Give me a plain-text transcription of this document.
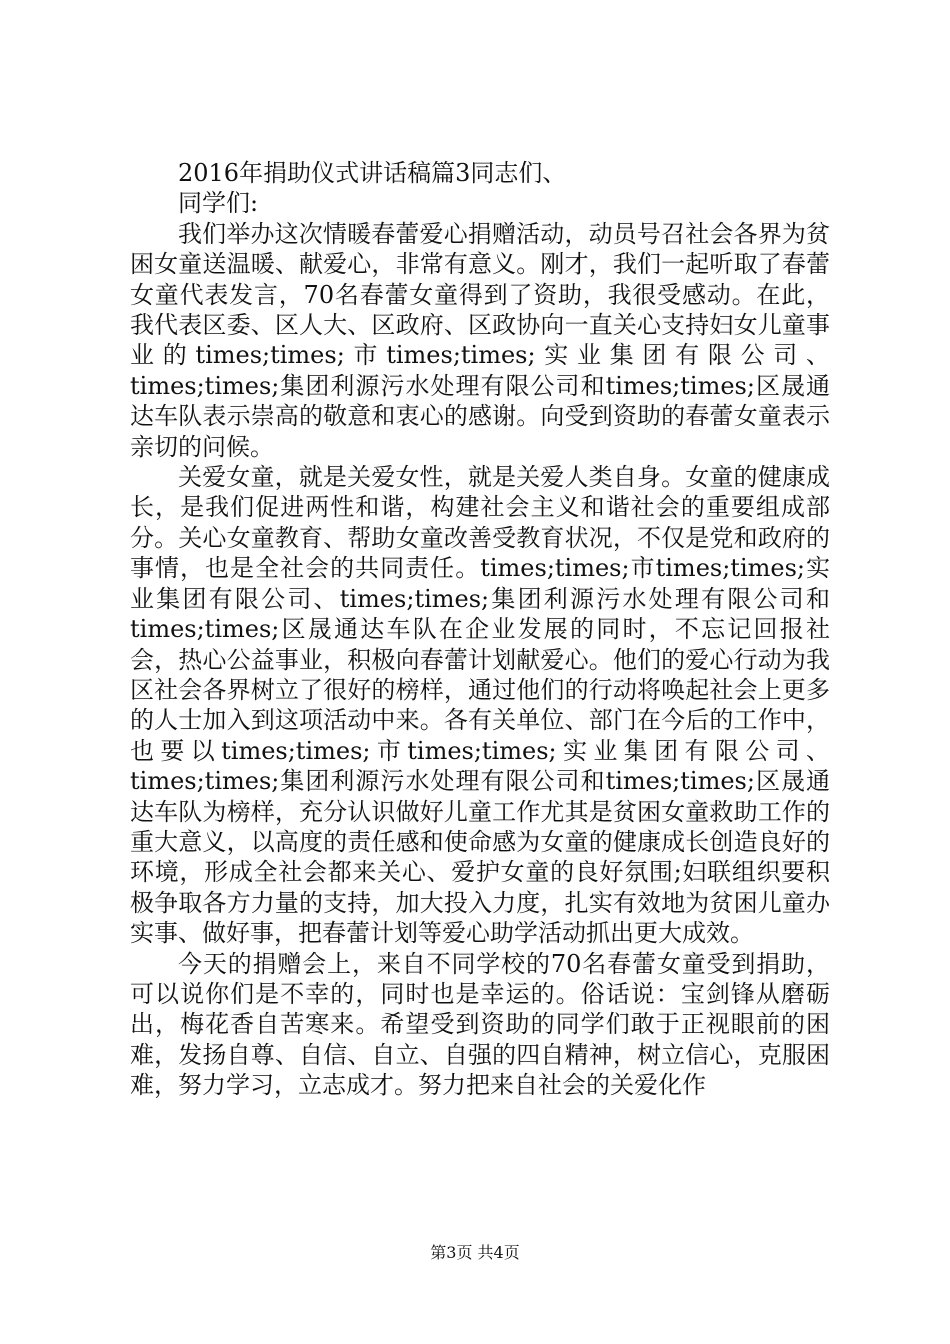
2016年捐助仪式讲话稿篇3同志们、

同学们:

我们举办这次情暖春蕾爱心捐赠活动，动员号召社会各界为贫困女童送温暖、献爱心，非常有意义。刚才，我们一起听取了春蕾女童代表发言，70名春蕾女童得到了资助，我很受感动。在此，我代表区委、区人大、区政府、区政协向一直关心支持妇女儿童事业的times;times;市times;times;实业集团有限公司、times;times;集团利源污水处理有限公司和times;times;区晟通达车队表示崇高的敬意和衷心的感谢。向受到资助的春蕾女童表示亲切的问候。

关爱女童，就是关爱女性，就是关爱人类自身。女童的健康成长，是我们促进两性和谐，构建社会主义和谐社会的重要组成部分。关心女童教育、帮助女童改善受教育状况，不仅是党和政府的事情，也是全社会的共同责任。times;times;市times;times;实业集团有限公司、times;times;集团利源污水处理有限公司和times;times;区晟通达车队在企业发展的同时，不忘记回报社会，热心公益事业，积极向春蕾计划献爱心。他们的爱心行动为我区社会各界树立了很好的榜样，通过他们的行动将唤起社会上更多的人士加入到这项活动中来。各有关单位、部门在今后的工作中，也要以times;times;市times;times;实业集团有限公司、times;times;集团利源污水处理有限公司和times;times;区晟通达车队为榜样，充分认识做好儿童工作尤其是贫困女童救助工作的重大意义，以高度的责任感和使命感为女童的健康成长创造良好的环境，形成全社会都来关心、爱护女童的良好氛围;妇联组织要积极争取各方力量的支持，加大投入力度，扎实有效地为贫困儿童办实事、做好事，把春蕾计划等爱心助学活动抓出更大成效。

今天的捐赠会上，来自不同学校的70名春蕾女童受到捐助，可以说你们是不幸的，同时也是幸运的。俗话说：宝剑锋从磨砺出，梅花香自苦寒来。希望受到资助的同学们敢于正视眼前的困难，发扬自尊、自信、自立、自强的四自精神，树立信心，克服困难，努力学习，立志成才。努力把来自社会的关爱化作

第3页 共4页
